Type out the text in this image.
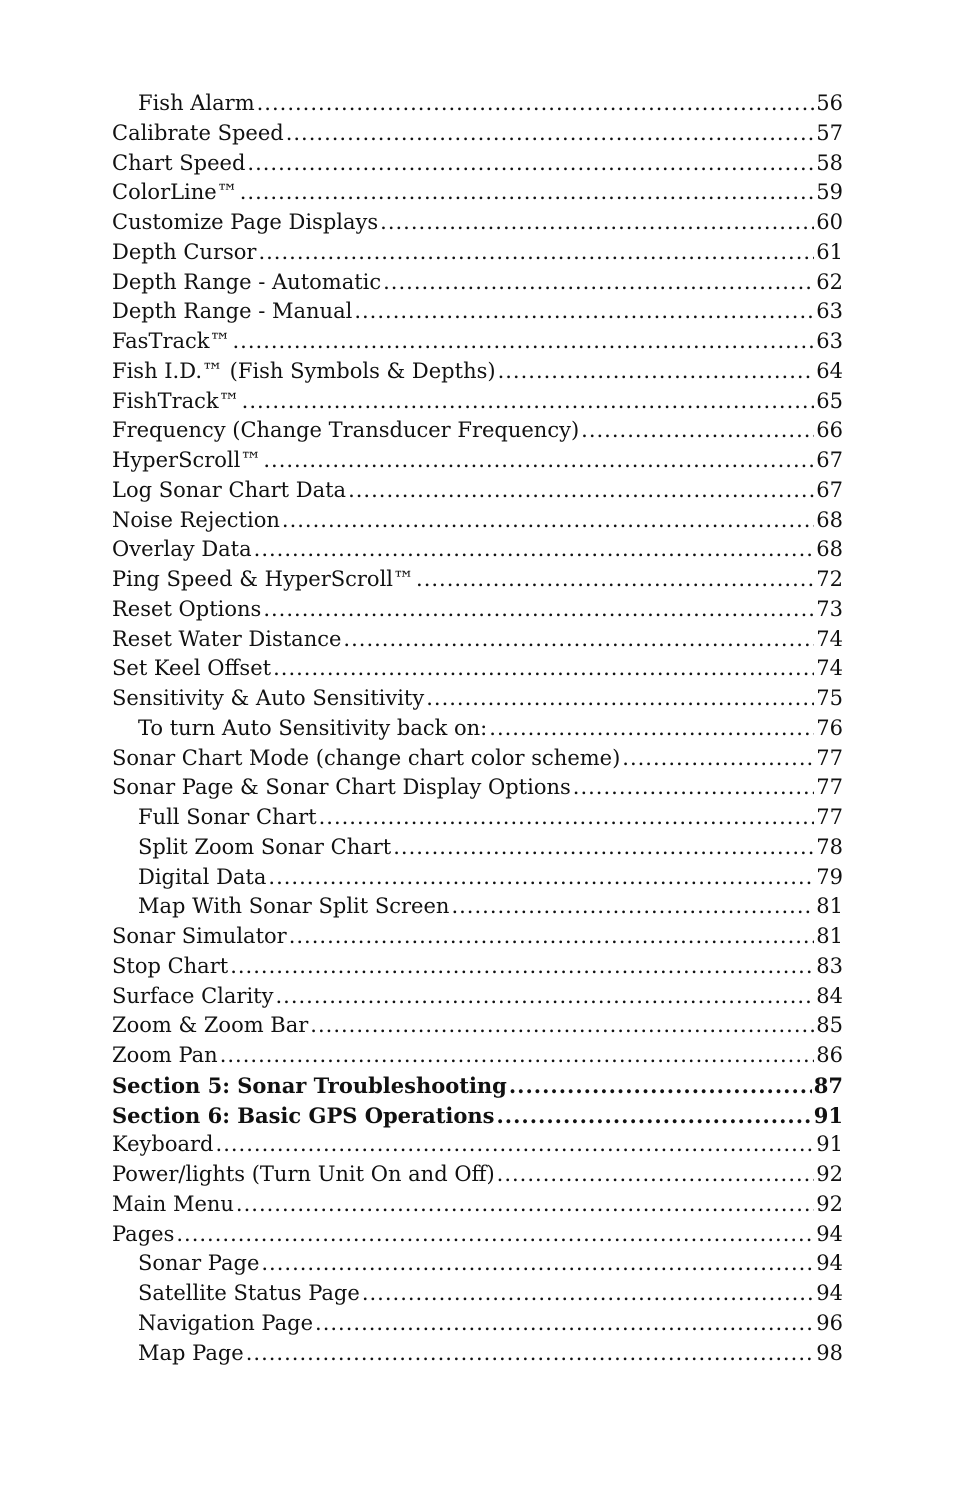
Fish Alarm .....	56
Calibrate Speed .....	57
Chart Speed .....	58
ColorLine™ .....	59
Customize Page Displays .....	60
Depth Cursor .....	61
Depth Range - Automatic .....	62
Depth Range - Manual .....	63
FasTrack™ .....	63
Fish I.D.™ (Fish Symbols & Depths) .....	64
FishTrack™ .....	65
Frequency (Change Transducer Frequency) .....	66
HyperScroll™ .....	67
Log Sonar Chart Data .....	67
Noise Rejection .....	68
Overlay Data .....	68
Ping Speed & HyperScroll™ .....	72
Reset Options .....	73
Reset Water Distance .....	74
Set Keel Offset .....	74
Sensitivity & Auto Sensitivity .....	75
To turn Auto Sensitivity back on: .....	76
Sonar Chart Mode (change chart color scheme) .....	77
Sonar Page & Sonar Chart Display Options .....	77
Full Sonar Chart .....	77
Split Zoom Sonar Chart .....	78
Digital Data .....	79
Map With Sonar Split Screen .....	81
Sonar Simulator .....	81
Stop Chart .....	83
Surface Clarity .....	84
Zoom & Zoom Bar .....	85
Zoom Pan .....	86
Section 5: Sonar Troubleshooting .....	87
Section 6: Basic GPS Operations .....	91
Keyboard .....	91
Power/lights (Turn Unit On and Off) .....	92
Main Menu .....	92
Pages .....	94
Sonar Page .....	94
Satellite Status Page .....	94
Navigation Page .....	96
Map Page .....	98
